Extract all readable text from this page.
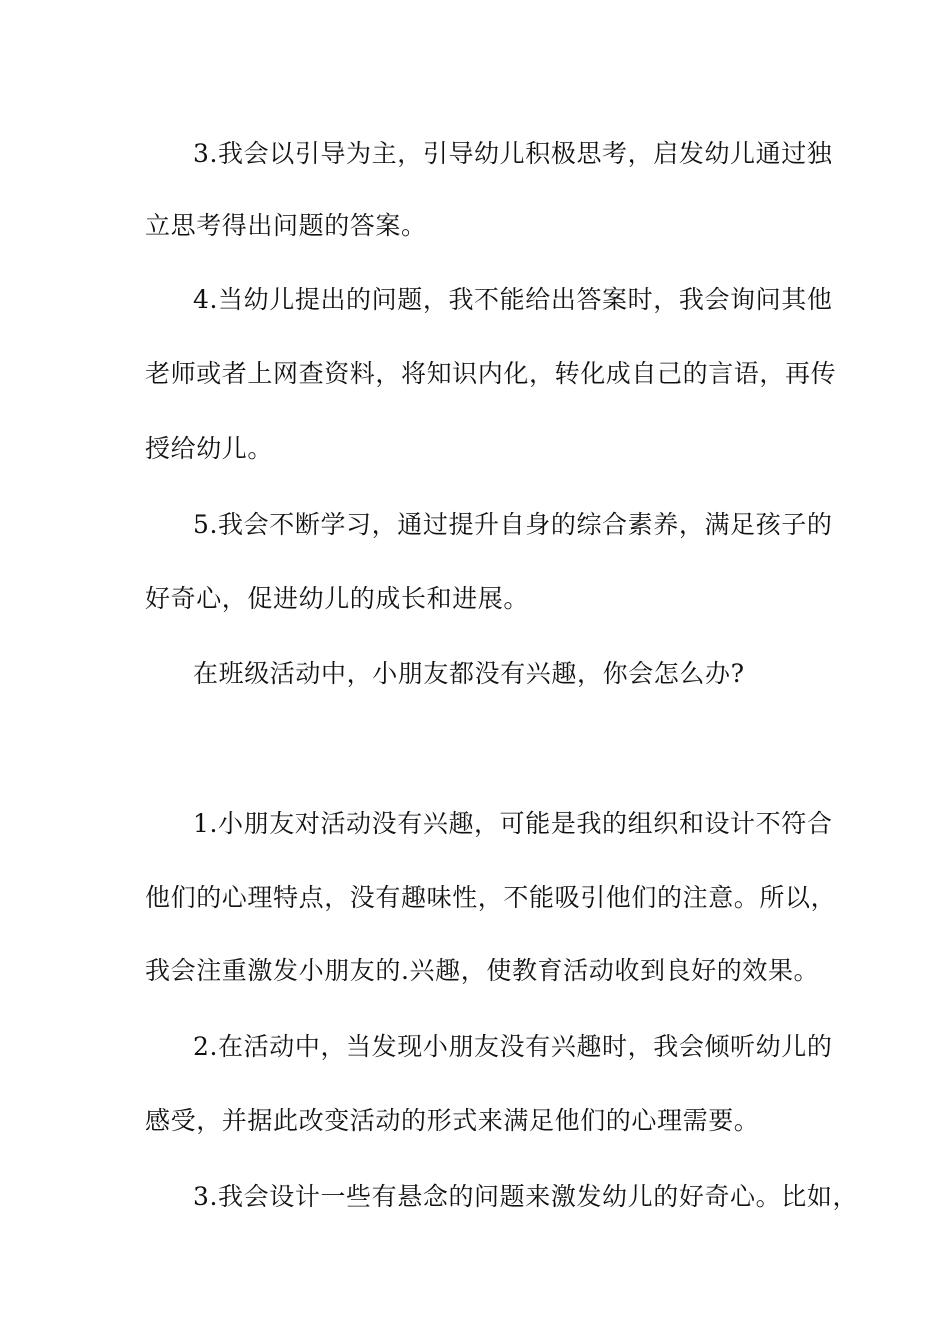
3.我会以引导为主，引导幼儿积极思考，启发幼儿通过独
立思考得出问题的答案。
4.当幼儿提出的问题，我不能给出答案时，我会询问其他
老师或者上网查资料，将知识内化，转化成自己的言语，再传
授给幼儿。
5.我会不断学习，通过提升自身的综合素养，满足孩子的
好奇心，促进幼儿的成长和进展。
在班级活动中，小朋友都没有兴趣，你会怎么办?
1.小朋友对活动没有兴趣，可能是我的组织和设计不符合
他们的心理特点，没有趣味性，不能吸引他们的注意。所以，
我会注重激发小朋友的.兴趣，使教育活动收到良好的效果。
2.在活动中，当发现小朋友没有兴趣时，我会倾听幼儿的
感受，并据此改变活动的形式来满足他们的心理需要。
3.我会设计一些有悬念的问题来激发幼儿的好奇心。比如，
